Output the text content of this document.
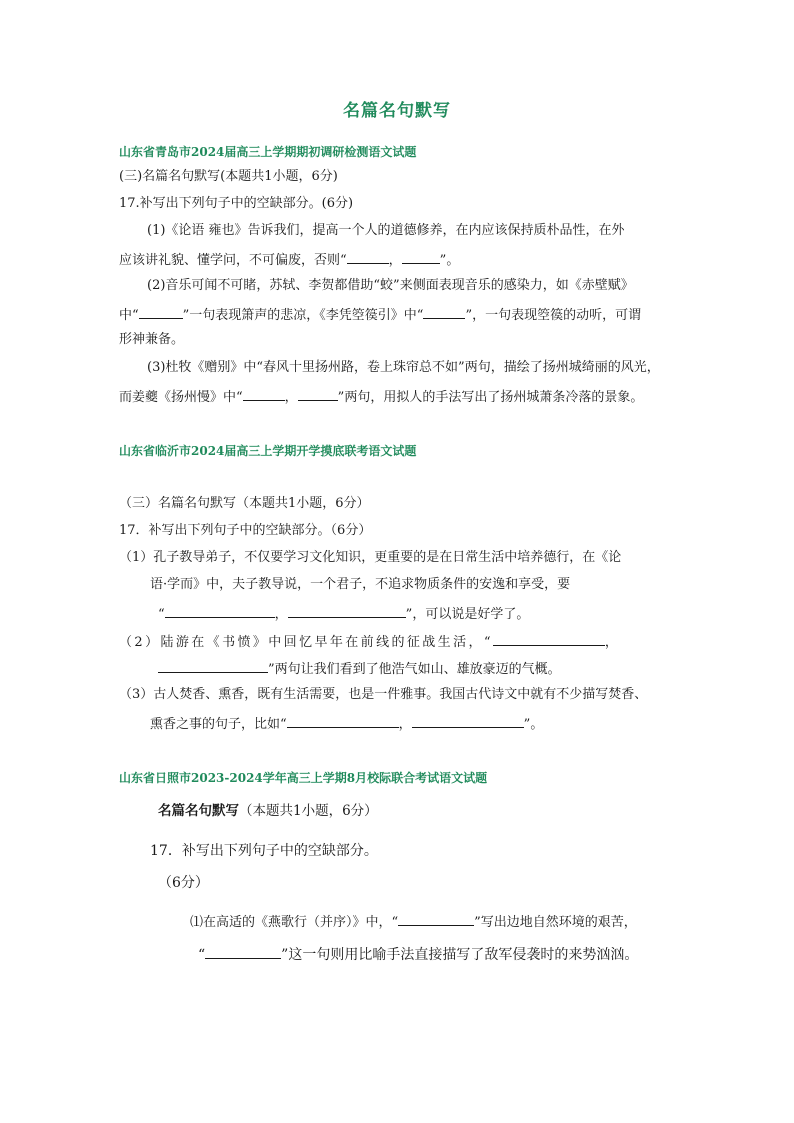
名篇名句默写
山东省青岛市2024届高三上学期期初调研检测语文试题
(三)名篇名句默写(本题共1小题，6分)
17.补写出下列句子中的空缺部分。(6分)
(1)《论语 雍也》告诉我们，提高一个人的道德修养，在内应该保持质朴品性，在外
应该讲礼貌、懂学问，不可偏废，否则“	，	”。
(2)音乐可闻不可睹，苏轼、李贺都借助“蛟”来侧面表现音乐的感染力，如《赤壁赋》
中“	”一句表现箫声的悲凉，《李凭箜篌引》中“	”，一句表现箜篌的动听，可谓
形神兼备。
(3)杜牧《赠别》中“春风十里扬州路，卷上珠帘总不如”两句，描绘了扬州城绮丽的风光，
而姜夔《扬州慢》中“	，	”两句，用拟人的手法写出了扬州城萧条冷落的景象。
山东省临沂市2024届高三上学期开学摸底联考语文试题
（三）名篇名句默写（本题共1小题，6分）
17．补写出下列句子中的空缺部分。（6分）
（1）孔子教导弟子，不仅要学习文化知识，更重要的是在日常生活中培养德行，在《论
语·学而》中，夫子教导说，一个君子，不追求物质条件的安逸和享受，要
“	，	”，可以说是好学了。
（2）陆游在《书愤》中回忆早年在前线的征战生活，“	，
”两句让我们看到了他浩气如山、雄放豪迈的气概。
（3）古人焚香、熏香，既有生活需要，也是一件雅事。我国古代诗文中就有不少描写焚香、
熏香之事的句子，比如“	，	”。
山东省日照市2023-2024学年高三上学期8月校际联合考试语文试题
名篇名句默写（本题共1小题，6分）
17．补写出下列句子中的空缺部分。
（6分）
⑴在高适的《燕歌行（并序）》中，“	”写出边地自然环境的艰苦，
“	”这一句则用比喻手法直接描写了敌军侵袭时的来势汹汹。
